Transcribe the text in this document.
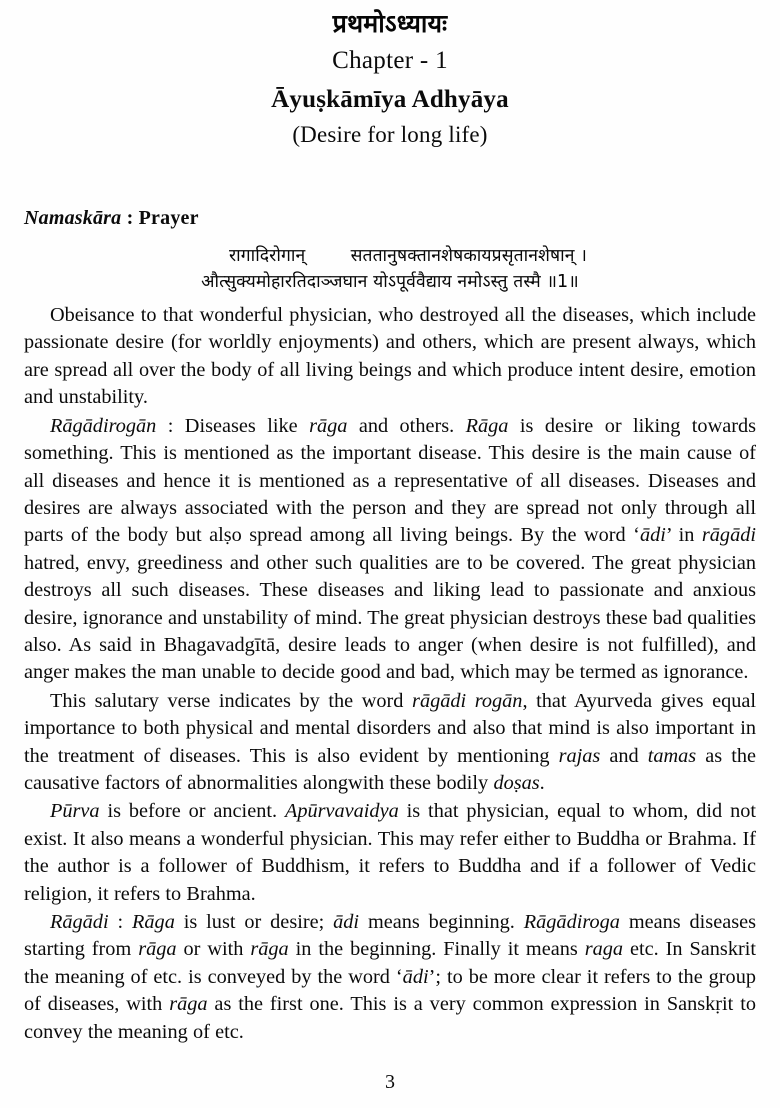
प्रथमोऽध्यायः
Chapter - 1
Āyuṣkāmīya Adhyāya
(Desire for long life)
Namaskāra : Prayer
रागादिरोगान्        सततानुषक्तानशेषकायप्रसृतानशेषान् ।
औत्सुक्यमोहारतिदाञ्जघान योऽपूर्ववैद्याय नमोऽस्तु तस्मै ॥1॥

Obeisance to that wonderful physician, who destroyed all the diseases, which include passionate desire (for worldly enjoyments) and others, which are present always, which are spread all over the body of all living beings and which produce intent desire, emotion and unstability.

Rāgādirogān : Diseases like rāga and others. Rāga is desire or liking towards something. This is mentioned as the important disease. This desire is the main cause of all diseases and hence it is mentioned as a representative of all diseases. Diseases and desires are always associated with the person and they are spread not only through all parts of the body but alṣo spread among all living beings. By the word ‘ādi’ in rāgādi hatred, envy, greediness and other such qualities are to be covered. The great physician destroys all such diseases. These diseases and liking lead to passionate and anxious desire, ignorance and unstability of mind. The great physician destroys these bad qualities also. As said in Bhagavadgītā, desire leads to anger (when desire is not fulfilled), and anger makes the man unable to decide good and bad, which may be termed as ignorance.

This salutary verse indicates by the word rāgādi rogān, that Ayurveda gives equal importance to both physical and mental disorders and also that mind is also important in the treatment of diseases. This is also evident by mentioning rajas and tamas as the causative factors of abnormalities alongwith these bodily doṣas.

Pūrva is before or ancient. Apūrvavaidya is that physician, equal to whom, did not exist. It also means a wonderful physician. This may refer either to Buddha or Brahma. If the author is a follower of Buddhism, it refers to Buddha and if a follower of Vedic religion, it refers to Brahma.

Rāgādi : Rāga is lust or desire; ādi means beginning. Rāgādiroga means diseases starting from rāga or with rāga in the beginning. Finally it means raga etc. In Sanskrit the meaning of etc. is conveyed by the word ‘ādi’; to be more clear it refers to the group of diseases, with rāga as the first one. This is a very common expression in Sanskṛit to convey the meaning of etc.

3
